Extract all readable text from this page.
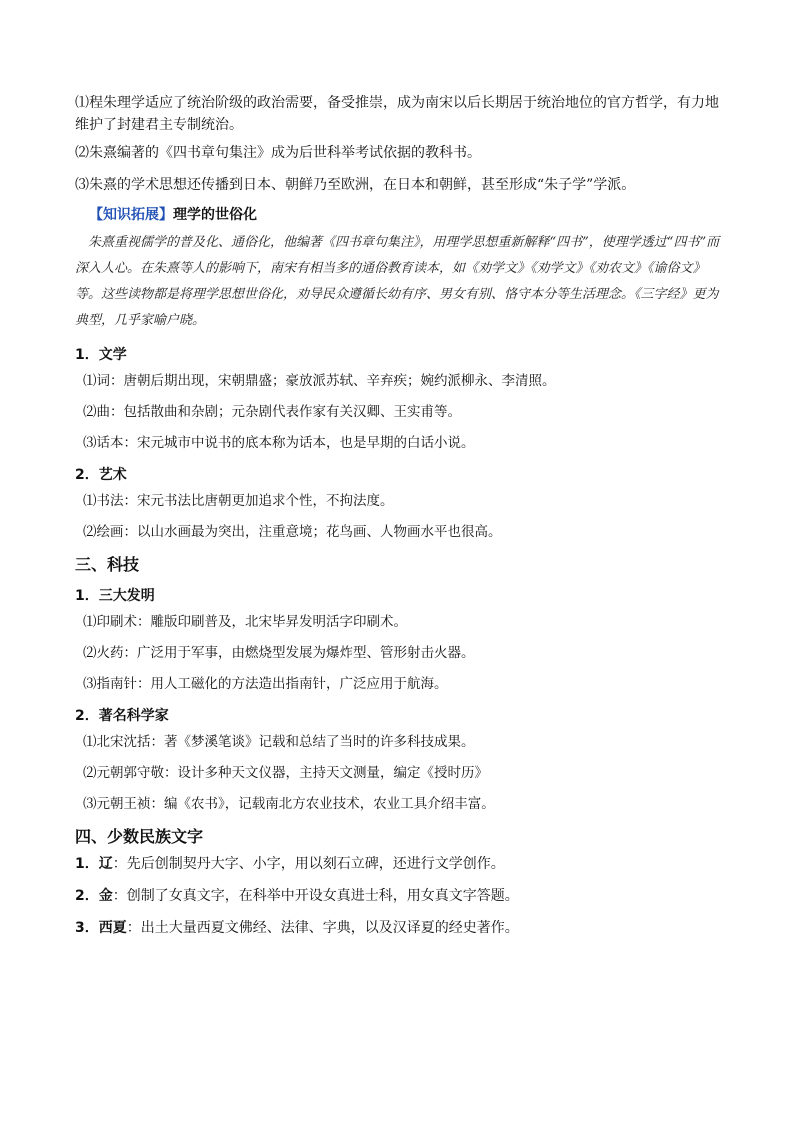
⑴程朱理学适应了统治阶级的政治需要，备受推崇，成为南宋以后长期居于统治地位的官方哲学，有力地维护了封建君主专制统治。

⑵朱熹编著的《四书章句集注》成为后世科举考试依据的教科书。

⑶朱熹的学术思想还传播到日本、朝鲜乃至欧洲，在日本和朝鲜，甚至形成“朱子学”学派。

【知识拓展】理学的世俗化

朱熹重视儒学的普及化、通俗化，他编著《四书章句集注》，用理学思想重新解释“四书”，使理学透过“四书”而深入人心。在朱熹等人的影响下，南宋有相当多的通俗教育读本，如《劝学文》《劝学文》《劝农文》《谕俗文》等。这些读物都是将理学思想世俗化，劝导民众遵循长幼有序、男女有别、恪守本分等生活理念。《三字经》更为典型，几乎家喻户晓。

1．文学

⑴词：唐朝后期出现，宋朝鼎盛；豪放派苏轼、辛弃疾；婉约派柳永、李清照。

⑵曲：包括散曲和杂剧；元杂剧代表作家有关汉卿、王实甫等。

⑶话本：宋元城市中说书的底本称为话本，也是早期的白话小说。

2．艺术

⑴书法：宋元书法比唐朝更加追求个性，不拘法度。

⑵绘画：以山水画最为突出，注重意境；花鸟画、人物画水平也很高。

三、科技
1．三大发明

⑴印刷术：雕版印刷普及，北宋毕昇发明活字印刷术。

⑵火药：广泛用于军事，由燃烧型发展为爆炸型、管形射击火器。

⑶指南针：用人工磁化的方法造出指南针，广泛应用于航海。

2．著名科学家

⑴北宋沈括：著《梦溪笔谈》记载和总结了当时的许多科技成果。

⑵元朝郭守敬：设计多种天文仪器，主持天文测量，编定《授时历》

⑶元朝王祯：编《农书》，记载南北方农业技术，农业工具介绍丰富。

四、少数民族文字

1．辽：先后创制契丹大字、小字，用以刻石立碑，还进行文学创作。

2．金：创制了女真文字，在科举中开设女真进士科，用女真文字答题。

3．西夏：出土大量西夏文佛经、法律、字典，以及汉译夏的经史著作。
